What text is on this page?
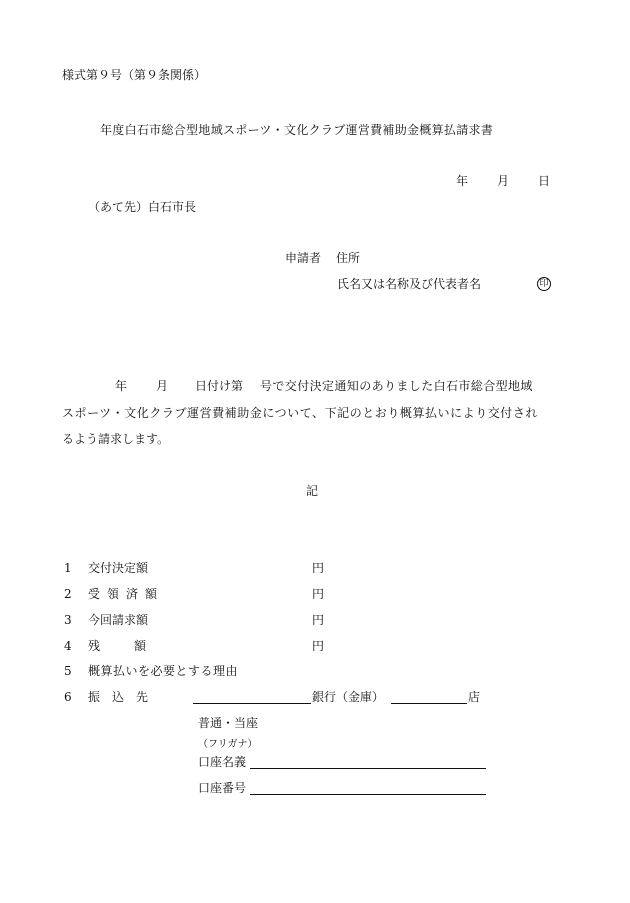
様式第９号（第９条関係）
年度白石市総合型地域スポーツ・文化クラブ運営費補助金概算払請求書
年 月 日
（あて先）白石市長
申請者 住所
氏名又は名称及び代表者名	印
年 月 日付け第 号で交付決定通知のありました白石市総合型地域
スポーツ・文化クラブ運営費補助金について、下記のとおり概算払いにより交付され
るよう請求します。
記
1 交付決定額	円
2 受領済額	円
3 今回請求額	円
4 残額	円
5 概算払いを必要とする理由
6 振込先	銀行（金庫）	店
普通・当座
（フリガナ）
口座名義
口座番号
